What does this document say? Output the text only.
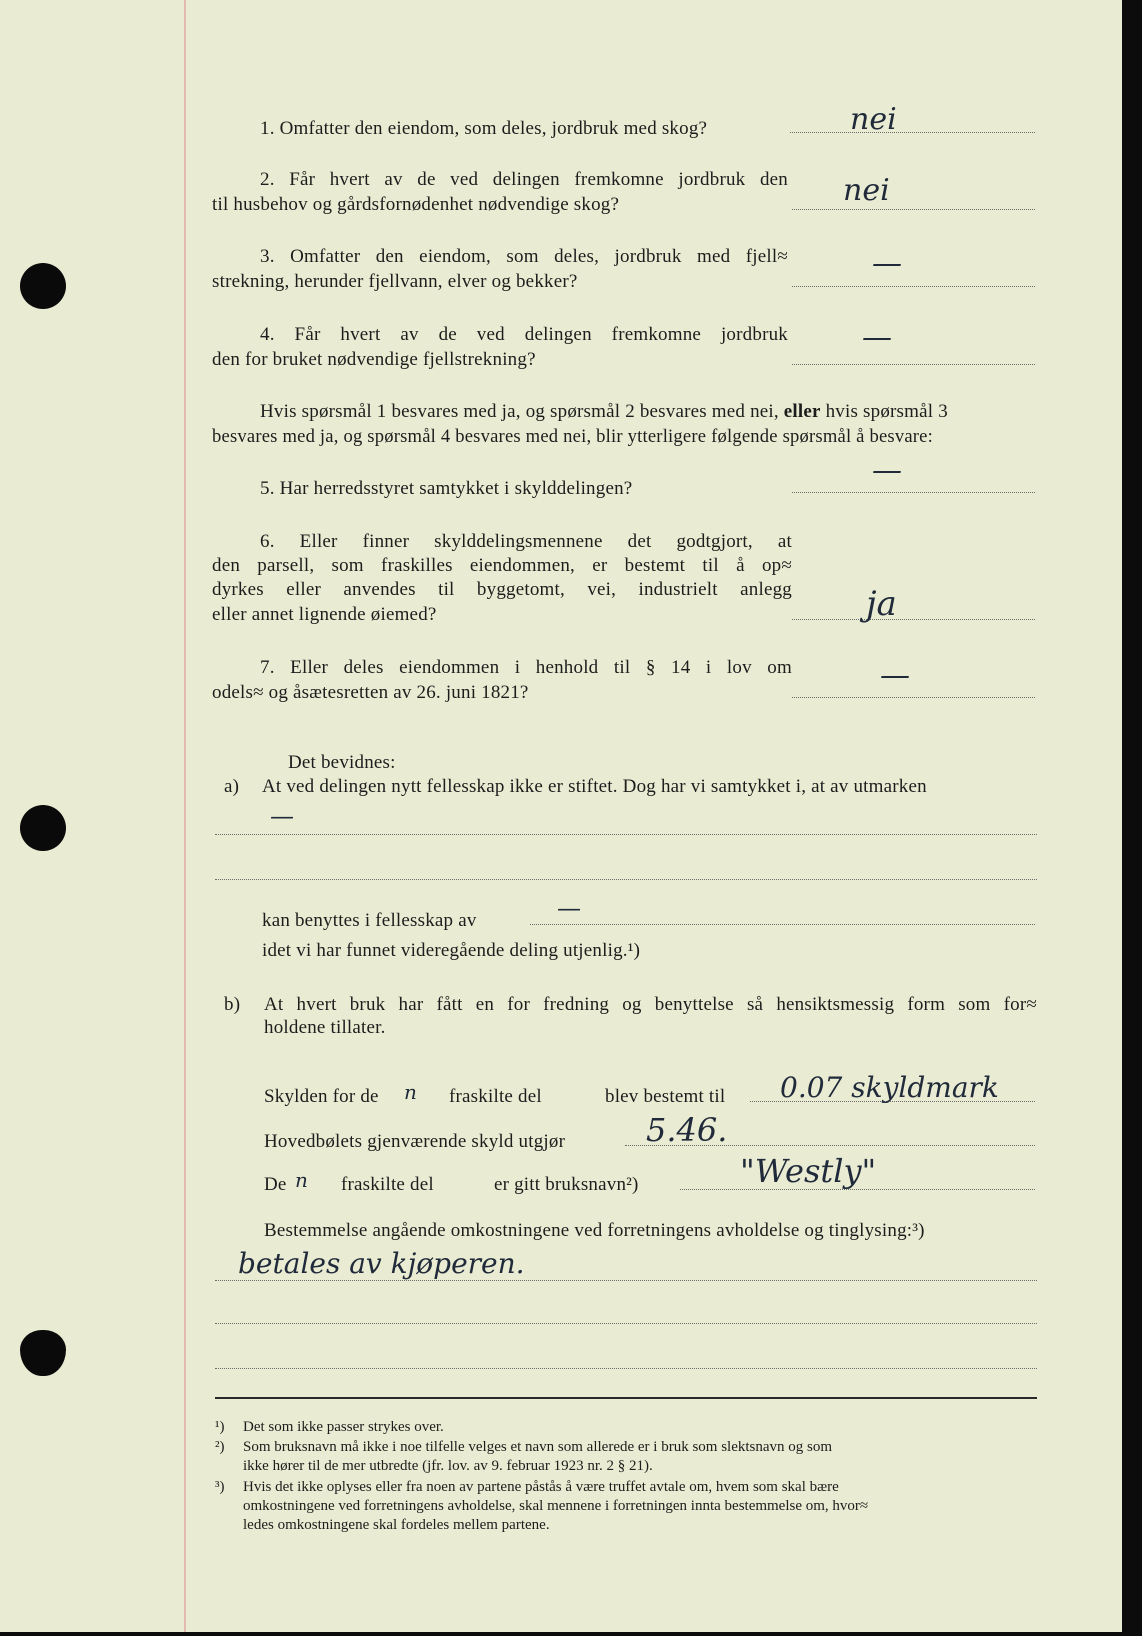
1. Omfatter den eiendom, som deles, jordbruk med skog?	nei
2. Får hvert av de ved delingen fremkomne jordbruk den
til husbehov og gårdsfornødenhet nødvendige skog?	nei
3. Omfatter den eiendom, som deles, jordbruk med fjell≈
strekning, herunder fjellvann, elver og bekker?
—
4. Får hvert av de ved delingen fremkomne jordbruk
den for bruket nødvendige fjellstrekning?
—
Hvis spørsmål 1 besvares med ja, og spørsmål 2 besvares med nei, eller hvis spørsmål 3
besvares med ja, og spørsmål 4 besvares med nei, blir ytterligere følgende spørsmål å besvare:
5. Har herredsstyret samtykket i skylddelingen?
—
6. Eller finner skylddelingsmennene det godtgjort, at
den parsell, som fraskilles eiendommen, er bestemt til å op≈
dyrkes eller anvendes til byggetomt, vei, industrielt anlegg
eller annet lignende øiemed?	ja
7. Eller deles eiendommen i henhold til § 14 i lov om
odels≈ og åsætesretten av 26. juni 1821?	—
Det bevidnes:
a) At ved delingen nytt fellesskap ikke er stiftet. Dog har vi samtykket i, at av utmarken
—
kan benyttes i fellesskap av	—
idet vi har funnet videregående deling utjenlig.¹)
b) At hvert bruk har fått en for fredning og benyttelse så hensiktsmessig form som for≈
holdene tillater.
Skylden for de n fraskilte del	blev bestemt til 0.07 skyldmark
Hovedbølets gjenværende skyld utgjør	5.46.
De n fraskilte del	er gitt bruksnavn²)	"Westly"
Bestemmelse angående omkostningene ved forretningens avholdelse og tinglysing:³)
betales av kjøperen.
¹) Det som ikke passer strykes over.
²) Som bruksnavn må ikke i noe tilfelle velges et navn som allerede er i bruk som slektsnavn og som
ikke hører til de mer utbredte (jfr. lov. av 9. februar 1923 nr. 2 § 21).
³) Hvis det ikke oplyses eller fra noen av partene påstås å være truffet avtale om, hvem som skal bære
omkostningene ved forretningens avholdelse, skal mennene i forretningen innta bestemmelse om, hvor≈
ledes omkostningene skal fordeles mellem partene.
